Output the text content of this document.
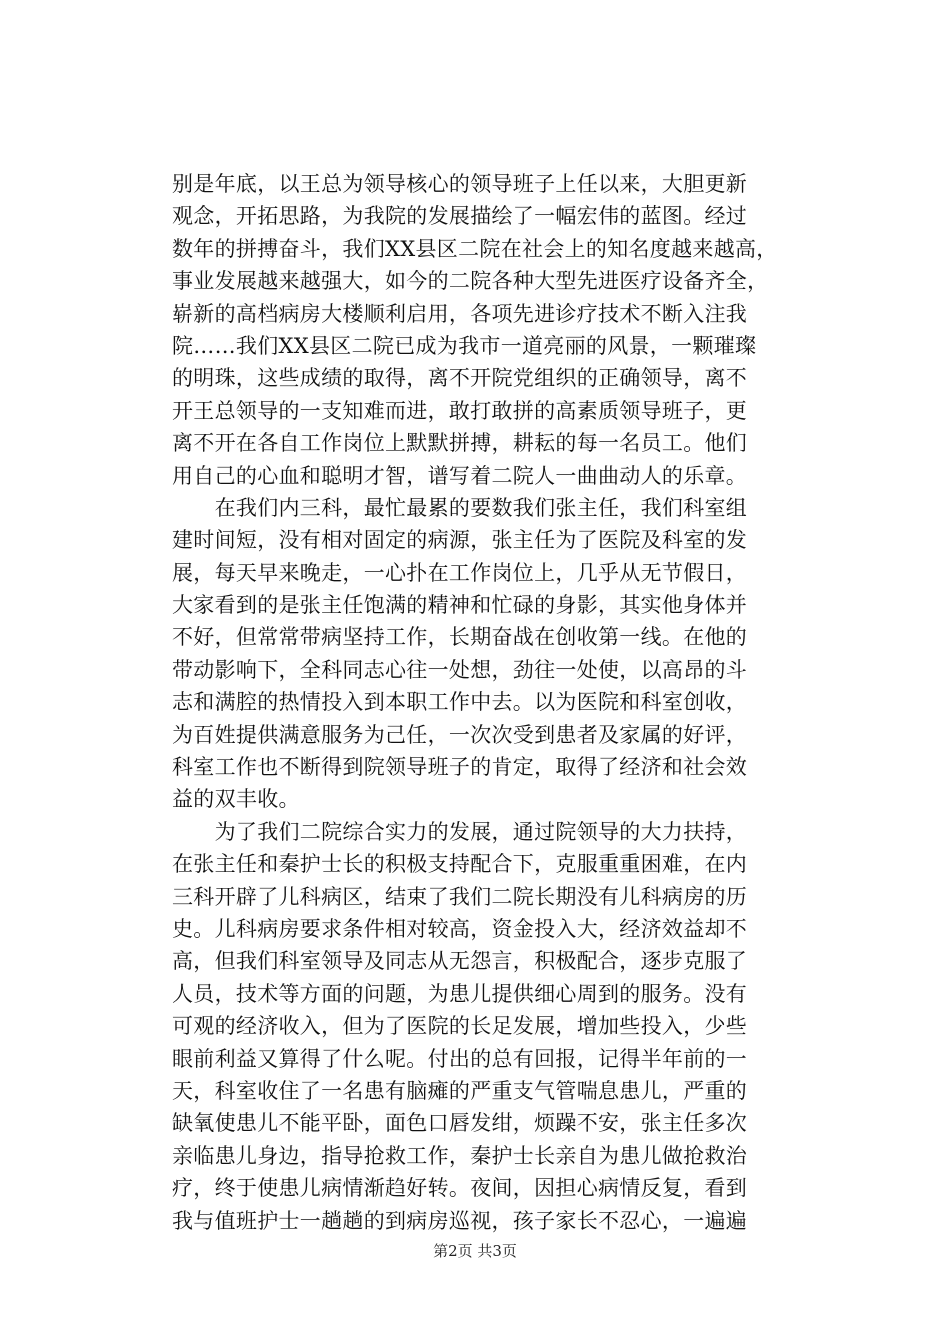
别是年底，以王总为领导核心的领导班子上任以来，大胆更新
观念，开拓思路，为我院的发展描绘了一幅宏伟的蓝图。经过
数年的拼搏奋斗，我们XX县区二院在社会上的知名度越来越高，
事业发展越来越强大，如今的二院各种大型先进医疗设备齐全，
崭新的高档病房大楼顺利启用，各项先进诊疗技术不断入注我
院……我们XX县区二院已成为我市一道亮丽的风景，一颗璀璨
的明珠，这些成绩的取得，离不开院党组织的正确领导，离不
开王总领导的一支知难而进，敢打敢拼的高素质领导班子，更
离不开在各自工作岗位上默默拼搏，耕耘的每一名员工。他们
用自己的心血和聪明才智，谱写着二院人一曲曲动人的乐章。
　　在我们内三科，最忙最累的要数我们张主任，我们科室组
建时间短，没有相对固定的病源，张主任为了医院及科室的发
展，每天早来晚走，一心扑在工作岗位上，几乎从无节假日，
大家看到的是张主任饱满的精神和忙碌的身影，其实他身体并
不好，但常常带病坚持工作，长期奋战在创收第一线。在他的
带动影响下，全科同志心往一处想，劲往一处使，以高昂的斗
志和满腔的热情投入到本职工作中去。以为医院和科室创收，
为百姓提供满意服务为己任，一次次受到患者及家属的好评，
科室工作也不断得到院领导班子的肯定，取得了经济和社会效
益的双丰收。
　　为了我们二院综合实力的发展，通过院领导的大力扶持，
在张主任和秦护士长的积极支持配合下，克服重重困难，在内
三科开辟了儿科病区，结束了我们二院长期没有儿科病房的历
史。儿科病房要求条件相对较高，资金投入大，经济效益却不
高，但我们科室领导及同志从无怨言，积极配合，逐步克服了
人员，技术等方面的问题，为患儿提供细心周到的服务。没有
可观的经济收入，但为了医院的长足发展，增加些投入，少些
眼前利益又算得了什么呢。付出的总有回报，记得半年前的一
天，科室收住了一名患有脑瘫的严重支气管喘息患儿，严重的
缺氧使患儿不能平卧，面色口唇发绀，烦躁不安，张主任多次
亲临患儿身边，指导抢救工作，秦护士长亲自为患儿做抢救治
疗，终于使患儿病情渐趋好转。夜间，因担心病情反复，看到
我与值班护士一趟趟的到病房巡视，孩子家长不忍心，一遍遍
第2页 共3页
